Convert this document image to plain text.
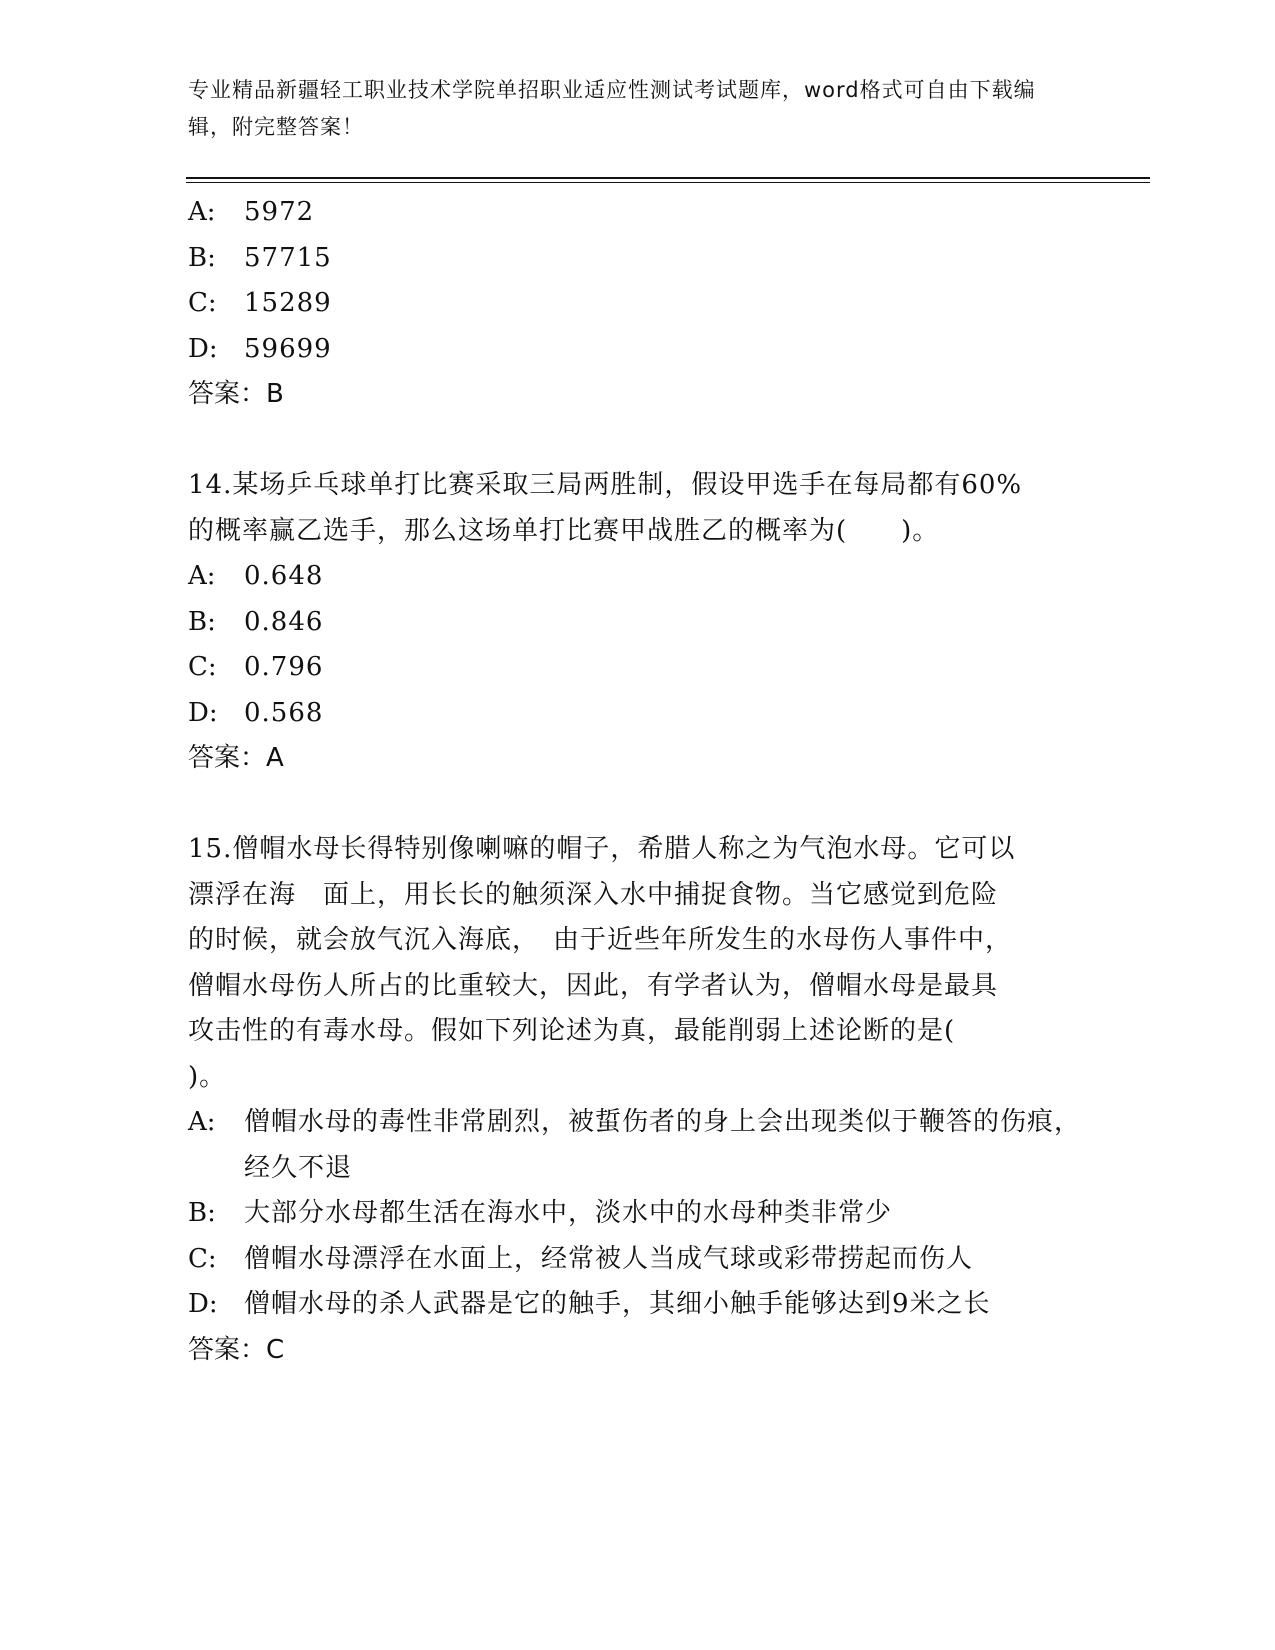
专业精品新疆轻工职业技术学院单招职业适应性测试考试题库，word格式可自由下载编辑，附完整答案！
A:	5972
B:	57715
C:	15289
D:	59699
答案：B
14.某场乒乓球单打比赛采取三局两胜制，假设甲选手在每局都有60%
的概率赢乙选手，那么这场单打比赛甲战胜乙的概率为(　　)。
A:	0.648
B:	0.846
C:	0.796
D:	0.568
答案：A
15.僧帽水母长得特别像喇嘛的帽子，希腊人称之为气泡水母。它可以
漂浮在海　面上，用长长的触须深入水中捕捉食物。当它感觉到危险
的时候，就会放气沉入海底，　由于近些年所发生的水母伤人事件中，
僧帽水母伤人所占的比重较大，因此，有学者认为，僧帽水母是最具
攻击性的有毒水母。假如下列论述为真，最能削弱上述论断的是(
)。
A:	僧帽水母的毒性非常剧烈，被蜇伤者的身上会出现类似于鞭答的伤痕，经久不退
B:	大部分水母都生活在海水中，淡水中的水母种类非常少
C:	僧帽水母漂浮在水面上，经常被人当成气球或彩带捞起而伤人
D:	僧帽水母的杀人武器是它的触手，其细小触手能够达到9米之长
答案：C
